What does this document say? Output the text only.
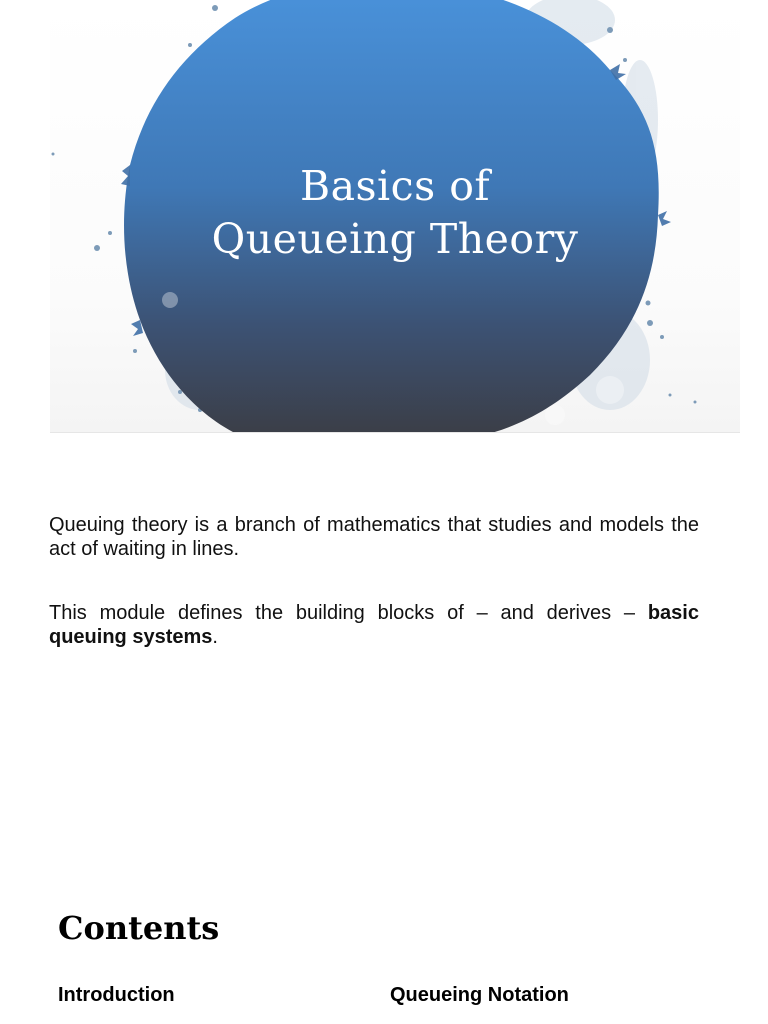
Basics of
Queueing Theory

Queuing theory is a branch of mathematics that studies and models the act of waiting in lines.

This module defines the building blocks of – and derives – basic queuing systems.

Contents
Introduction	Queueing Notation
